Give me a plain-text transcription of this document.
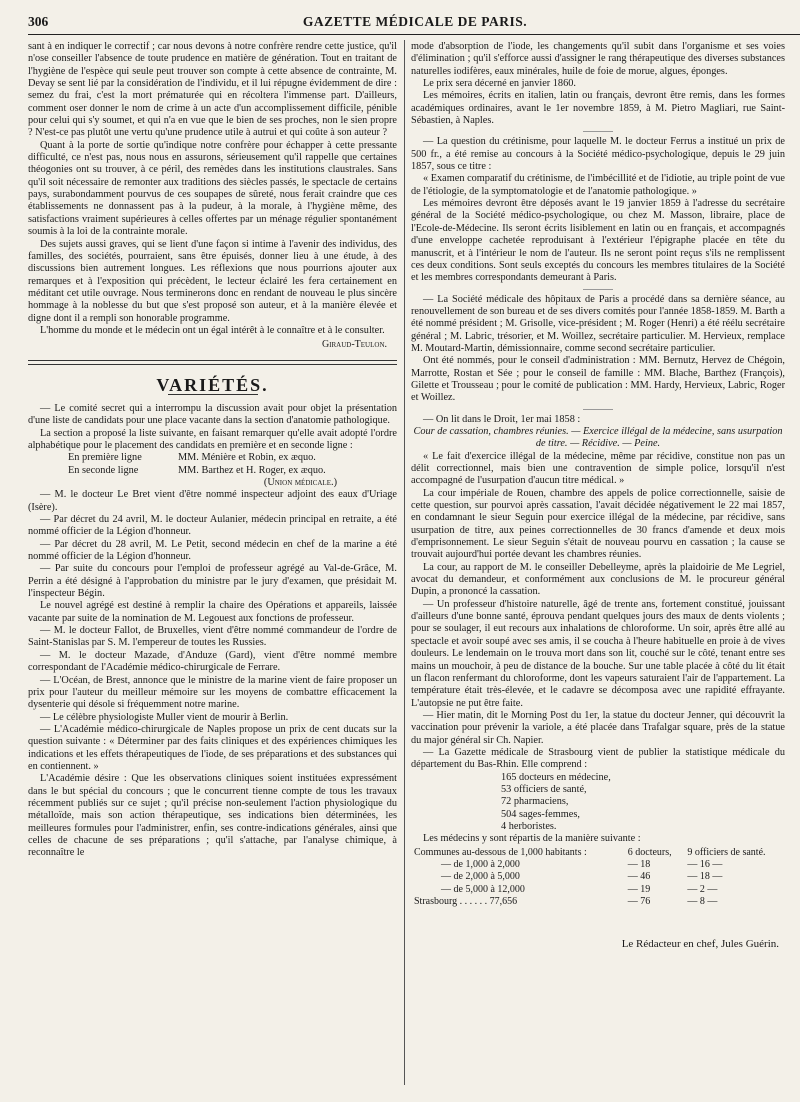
306	GAZETTE MÉDICALE DE PARIS.

sant à en indiquer le correctif ; car nous devons à notre confrère rendre cette justice, qu'il n'ose conseiller l'absence de toute prudence en matière de génération. Tout en traitant de l'hygiène de l'espèce qui seule peut trouver son compte à cette absence de contrainte, M. Devay se sent lié par la considération de l'individu, et il lui répugne évidemment de dire : semez du frai, c'est la mort prématurée qui en récoltera l'immense part. D'ailleurs, comment oser donner le nom de crime à un acte d'un accomplissement difficile, pénible pour celui qui s'y soumet, et qui n'a en vue que le bien de ses proches, non le sien propre ? N'est-ce pas plutôt une vertu qu'une prudence utile à autrui et qui coûte à son auteur ?

Quant à la porte de sortie qu'indique notre confrère pour échapper à cette pressante difficulté, ce n'est pas, nous nous en assurons, sérieusement qu'il rappelle que certaines théogonies ont su trouver, à ce péril, des remèdes dans les institutions claustrales. Sans qu'il soit nécessaire de remonter aux traditions des siècles passés, le spectacle de certains pays, surabondamment pourvus de ces soupapes de sûreté, nous ferait craindre que ces établissements ne donnassent pas à la pudeur, à la morale, à l'hygiène même, des satisfactions vraiment supérieures à celles offertes par un ménage régulier spontanément soumis à la loi de la contrainte morale.

Des sujets aussi graves, qui se lient d'une façon si intime à l'avenir des individus, des familles, des sociétés, pourraient, sans être épuisés, donner lieu à une étude, à des discussions bien autrement longues. Les réflexions que nous pourrions ajouter aux remarques et à l'exposition qui précèdent, le lecteur éclairé les fera certainement en méditant cet utile ouvrage. Nous terminerons donc en rendant de nouveau le plus sincère hommage à la noblesse du but que s'est proposé son auteur, et à la manière élevée et digne dont il a rempli son honorable programme.

L'homme du monde et le médecin ont un égal intérêt à le connaître et à le consulter.

Giraud-Teulon.
VARIÉTÉS.

— Le comité secret qui a interrompu la discussion avait pour objet la présentation d'une liste de candidats pour une place vacante dans la section d'anatomie pathologique.

La section a proposé la liste suivante, en faisant remarquer qu'elle avait adopté l'ordre alphabétique pour le placement des candidats en première et en seconde ligne :

En première ligne	MM. Ménière et Robin, ex æquo.
En seconde ligne	MM. Barthez et H. Roger, ex æquo.
(Union médicale.)

— M. le docteur Le Bret vient d'être nommé inspecteur adjoint des eaux d'Uriage (Isère).

— Par décret du 24 avril, M. le docteur Aulanier, médecin principal en retraite, a été nommé officier de la Légion d'honneur.

— Par décret du 28 avril, M. Le Petit, second médecin en chef de la marine a été nommé officier de la Légion d'honneur.

— Par suite du concours pour l'emploi de professeur agrégé au Val-de-Grâce, M. Perrin a été désigné à l'approbation du ministre par le jury d'examen, que présidait M. l'inspecteur Bégin.

Le nouvel agrégé est destiné à remplir la chaire des Opérations et appareils, laissée vacante par suite de la nomination de M. Legouest aux fonctions de professeur.

— M. le docteur Fallot, de Bruxelles, vient d'être nommé commandeur de l'ordre de Saint-Stanislas par S. M. l'empereur de toutes les Russies.

— M. le docteur Mazade, d'Anduze (Gard), vient d'être nommé membre correspondant de l'Académie médico-chirurgicale de Ferrare.

— L'Océan, de Brest, annonce que le ministre de la marine vient de faire proposer un prix pour l'auteur du meilleur mémoire sur les moyens de combattre efficacement la dysenterie qui désole si fréquemment notre marine.

— Le célèbre physiologiste Muller vient de mourir à Berlin.

— L'Académie médico-chirurgicale de Naples propose un prix de cent ducats sur la question suivante : « Déterminer par des faits cliniques et des expériences chimiques les indications et les effets thérapeutiques de l'iode, de ses préparations et des substances qui en contiennent. »

L'Académie désire : Que les observations cliniques soient instituées expressément dans le but spécial du concours ; que le concurrent tienne compte de tous les travaux récemment publiés sur ce sujet ; qu'il précise non-seulement l'action physiologique du métalloïde, mais son action thérapeutique, ses indications bien déterminées, les meilleures formules pour l'administrer, enfin, ses contre-indications générales, ainsi que celles de chacune de ses préparations ; qu'il s'attache, par l'analyse chimique, à reconnaître le

mode d'absorption de l'iode, les changements qu'il subit dans l'organisme et ses voies d'élimination ; qu'il s'efforce aussi d'assigner le rang thérapeutique des diverses substances naturelles iodifères, eaux minérales, huile de foie de morue, algues, éponges.

Le prix sera décerné en janvier 1860.

Les mémoires, écrits en italien, latin ou français, devront être remis, dans les formes académiques ordinaires, avant le 1er novembre 1859, à M. Pietro Magliari, rue Saint-Sébastien, à Naples.

— La question du crétinisme, pour laquelle M. le docteur Ferrus a institué un prix de 500 fr., a été remise au concours à la Société médico-psychologique, depuis le 29 juin 1857, sous ce titre :

« Examen comparatif du crétinisme, de l'imbécillité et de l'idiotie, au triple point de vue de l'étiologie, de la symptomatologie et de l'anatomie pathologique. »

Les mémoires devront être déposés avant le 19 janvier 1859 à l'adresse du secrétaire général de la Société médico-psychologique, ou chez M. Masson, libraire, place de l'Ecole-de-Médecine. Ils seront écrits lisiblement en latin ou en français, et accompagnés d'une enveloppe cachetée reproduisant à l'extérieur l'épigraphe placée en tête du manuscrit, et à l'intérieur le nom de l'auteur. Ils ne seront point reçus s'ils ne remplissent ces deux conditions. Sont seuls exceptés du concours les membres titulaires de la Société et les membres correspondants demeurant à Paris.

— La Société médicale des hôpitaux de Paris a procédé dans sa dernière séance, au renouvellement de son bureau et de ses divers comités pour l'année 1858-1859. M. Barth a été nommé président ; M. Grisolle, vice-président ; M. Roger (Henri) a été réélu secrétaire général ; M. Labric, trésorier, et M. Woillez, secrétaire particulier. M. Hervieux, remplace M. Moutard-Martin, démissionnaire, comme second secrétaire particulier.

Ont été nommés, pour le conseil d'administration : MM. Bernutz, Hervez de Chégoin, Marrotte, Rostan et Sée ; pour le conseil de famille : MM. Blache, Barthez (François), Gilette et Trousseau ; pour le comité de publication : MM. Hardy, Hervieux, Labric, Roger et Woillez.

— On lit dans le Droit, 1er mai 1858 :

Cour de cassation, chambres réunies. — Exercice illégal de la médecine, sans usurpation de titre. — Récidive. — Peine.

« Le fait d'exercice illégal de la médecine, même par récidive, constitue non pas un délit correctionnel, mais bien une contravention de simple police, lorsqu'il n'est accompagné de l'usurpation d'aucun titre médical. »

La cour impériale de Rouen, chambre des appels de police correctionnelle, saisie de cette question, sur pourvoi après cassation, l'avait décidée négativement le 22 mai 1857, en condamnant le sieur Seguin pour exercice illégal de la médecine, par récidive, sans usurpation de titre, aux peines correctionnelles de 30 francs d'amende et deux mois d'emprisonnement. Le sieur Seguin s'était de nouveau pourvu en cassation ; la cause se trouvait aujourd'hui portée devant les chambres réunies.

La cour, au rapport de M. le conseiller Debelleyme, après la plaidoirie de Me Legriel, avocat du demandeur, et conformément aux conclusions de M. le procureur général Dupin, a prononcé la cassation.

— Un professeur d'histoire naturelle, âgé de trente ans, fortement constitué, jouissant d'ailleurs d'une bonne santé, éprouva pendant quelques jours des maux de dents violents ; pour se soulager, il eut recours aux inhalations de chloroforme. Un soir, après être allé au spectacle et avoir soupé avec ses amis, il se coucha à l'heure habituelle en proie à de vives douleurs. Le lendemain on le trouva mort dans son lit, couché sur le côté, tenant entre ses mains un mouchoir, à peu de distance de la bouche. Sur une table placée à côté du lit était un flacon renfermant du chloroforme, dont les vapeurs saturaient l'air de l'appartement. La température était très-élevée, et le cadavre se décomposa avec une rapidité effrayante. L'autopsie ne put être faite.

— Hier matin, dit le Morning Post du 1er, la statue du docteur Jenner, qui découvrit la vaccination pour prévenir la variole, a été placée dans Trafalgar square, près de la statue du major général sir Ch. Napier.

— La Gazette médicale de Strasbourg vient de publier la statistique médicale du département du Bas-Rhin. Elle comprend :

165 docteurs en médecine,
53 officiers de santé,
72 pharmaciens,
504 sages-femmes,
4 herboristes.

Les médecins y sont répartis de la manière suivante :

Communes au-dessous de 1,000 habitants :	6 docteurs,	9 officiers de santé.
— de 1,000 à 2,000	— 18	— 16 —
— de 2,000 à 5,000	— 46	— 18 —
— de 5,000 à 12,000	— 19	— 2 —
Strasbourg . . . . . . 77,656	— 76	— 8 —
Le Rédacteur en chef, Jules Guérin.
